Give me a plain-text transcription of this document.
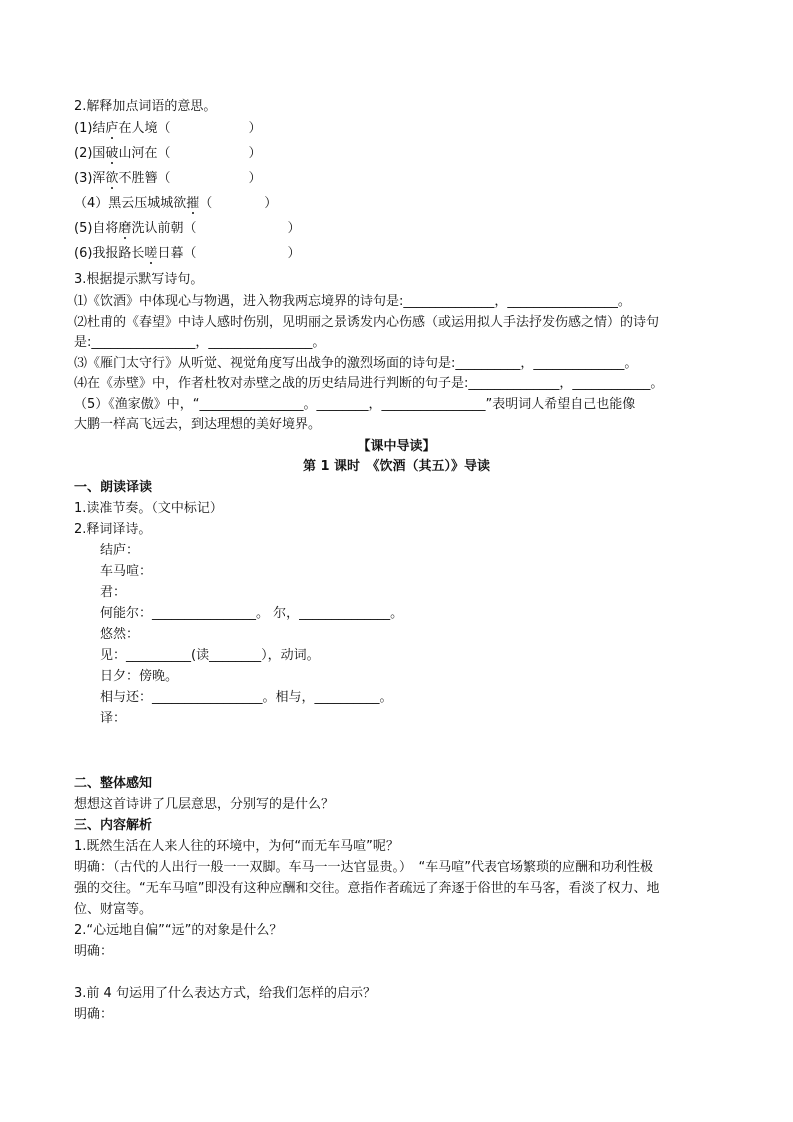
2.解释加点词语的意思。
(1)结庐在人境（　　　　　　）
(2)国破山河在（　　　　　　）
(3)浑欲不胜簪（　　　　　　）
（4）黑云压城城欲摧（　　　　）
(5)自将磨洗认前朝（　　　　　　　）
(6)我报路长嗟日暮（　　　　　　　）
3.根据提示默写诗句。
⑴《饮酒》中体现心与物遇，进入物我两忘境界的诗句是:______________，_________________。
⑵杜甫的《春望》中诗人感时伤别，见明丽之景诱发内心伤感（或运用拟人手法抒发伤感之情）的诗句
是:________________，________________。
⑶《雁门太守行》从听觉、视觉角度写出战争的激烈场面的诗句是:__________，______________。
⑷在《赤壁》中，作者杜牧对赤壁之战的历史结局进行判断的句子是:______________，____________。
（5）《渔家傲》中，“________________。________，________________”表明词人希望自己也能像
大鹏一样高飞远去，到达理想的美好境界。
【课中导读】
第 1 课时　《饮酒（其五）》导读
一、朗读译读
1.读准节奏。（文中标记）
2.释词译诗。
结庐：
车马喧：
君：
何能尔：________________。 尔，______________。
悠然：
见：__________(读________），动词。
日夕：傍晚。
相与还：_________________。相与，__________。
译：
二、整体感知
想想这首诗讲了几层意思，分别写的是什么？
三、内容解析
1.既然生活在人来人往的环境中，为何“而无车马喧”呢？
明确：（古代的人出行一般一一双脚。车马一一达官显贵。）　“车马喧”代表官场繁琐的应酬和功利性极
强的交往。“无车马喧”即没有这种应酬和交往。意指作者疏远了奔逐于俗世的车马客，看淡了权力、地
位、财富等。
2.“心远地自偏”“远”的对象是什么？
明确：
3.前 4 句运用了什么表达方式，给我们怎样的启示？
明确：
